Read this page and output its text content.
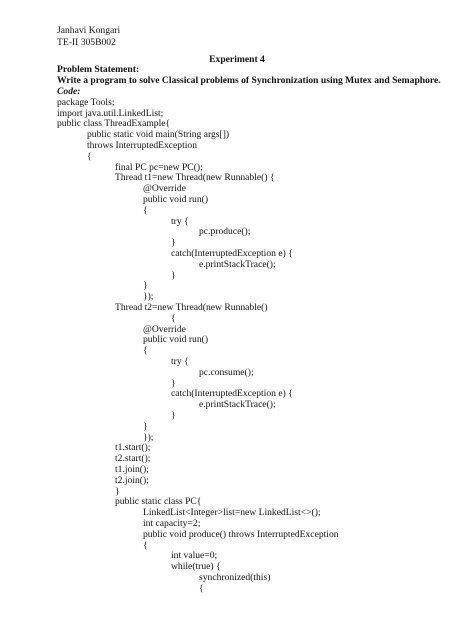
Janhavi Kongari

TE-II 305B002

Experiment 4

Problem Statement:

Write a program to solve Classical problems of Synchronization using Mutex and Semaphore.

Code:

package Tools;

import java.util.LinkedList;

public class ThreadExample{

public static void main(String args[])

throws InterruptedException

{

final PC pc=new PC();

Thread t1=new Thread(new Runnable() {

@Override

public void run()

{

try {

pc.produce();

}

catch(InterruptedException e) {

e.printStackTrace();

}

}

});

Thread t2=new Thread(new Runnable()

{

@Override

public void run()

{

try {

pc.consume();

}

catch(InterruptedException e) {

e.printStackTrace();

}

}

});

t1.start();

t2.start();

t1.join();

t2.join();

}

public static class PC{

LinkedList<Integer>list=new LinkedList<>();

int capacity=2;

public void produce() throws InterruptedException

{

int value=0;

while(true) {

synchronized(this)

{
